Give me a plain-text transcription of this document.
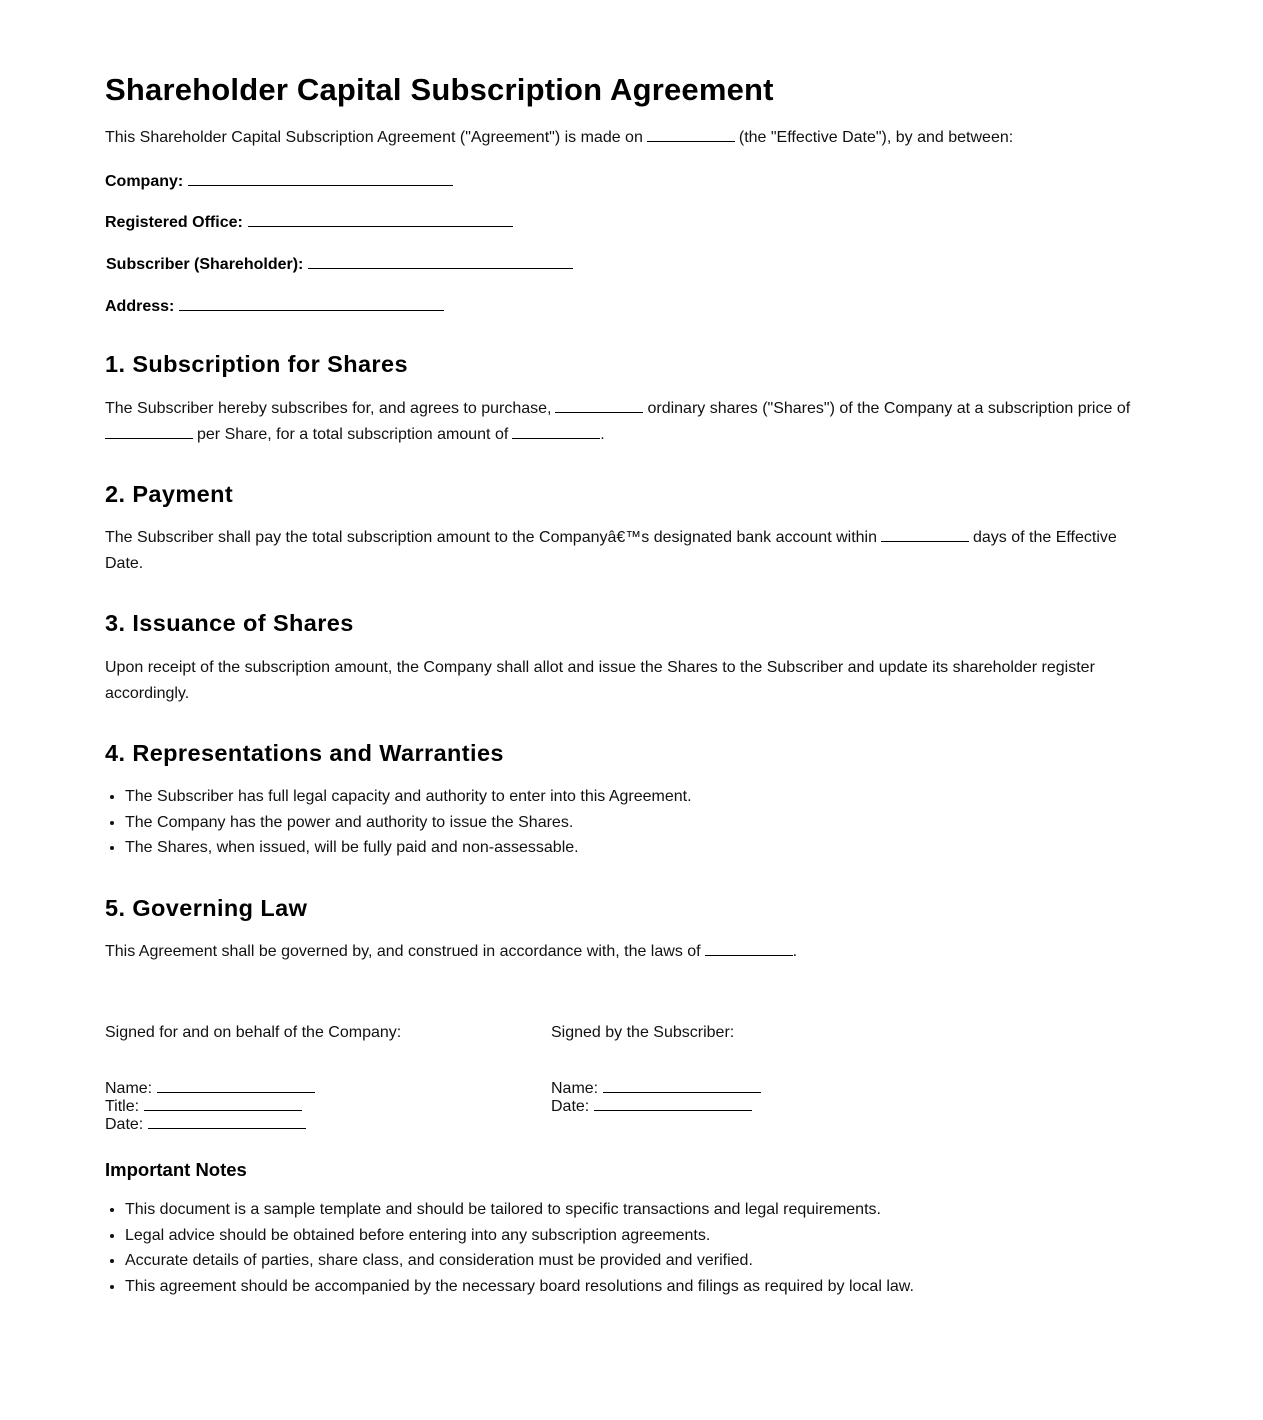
Shareholder Capital Subscription Agreement

This Shareholder Capital Subscription Agreement ("Agreement") is made on	(the "Effective Date"), by and between:

Company:

Registered Office:

Subscriber (Shareholder):

Address:

1. Subscription for Shares

The Subscriber hereby subscribes for, and agrees to purchase,	ordinary shares ("Shares") of the Company at a subscription price of
per Share, for a total subscription amount of	.

2. Payment

The Subscriber shall pay the total subscription amount to the Companyâ€™s designated bank account within	days of the Effective Date.

3. Issuance of Shares

Upon receipt of the subscription amount, the Company shall allot and issue the Shares to the Subscriber and update its shareholder register accordingly.

4. Representations and Warranties
• The Subscriber has full legal capacity and authority to enter into this Agreement.
• The Company has the power and authority to issue the Shares.
• The Shares, when issued, will be fully paid and non-assessable.
5. Governing Law

This Agreement shall be governed by, and construed in accordance with, the laws of	.

Signed for and on behalf of the Company:
Name:
Title:
Date:
Signed by the Subscriber:
Name:
Date:
Important Notes
• This document is a sample template and should be tailored to specific transactions and legal requirements.
• Legal advice should be obtained before entering into any subscription agreements.
• Accurate details of parties, share class, and consideration must be provided and verified.
• This agreement should be accompanied by the necessary board resolutions and filings as required by local law.
